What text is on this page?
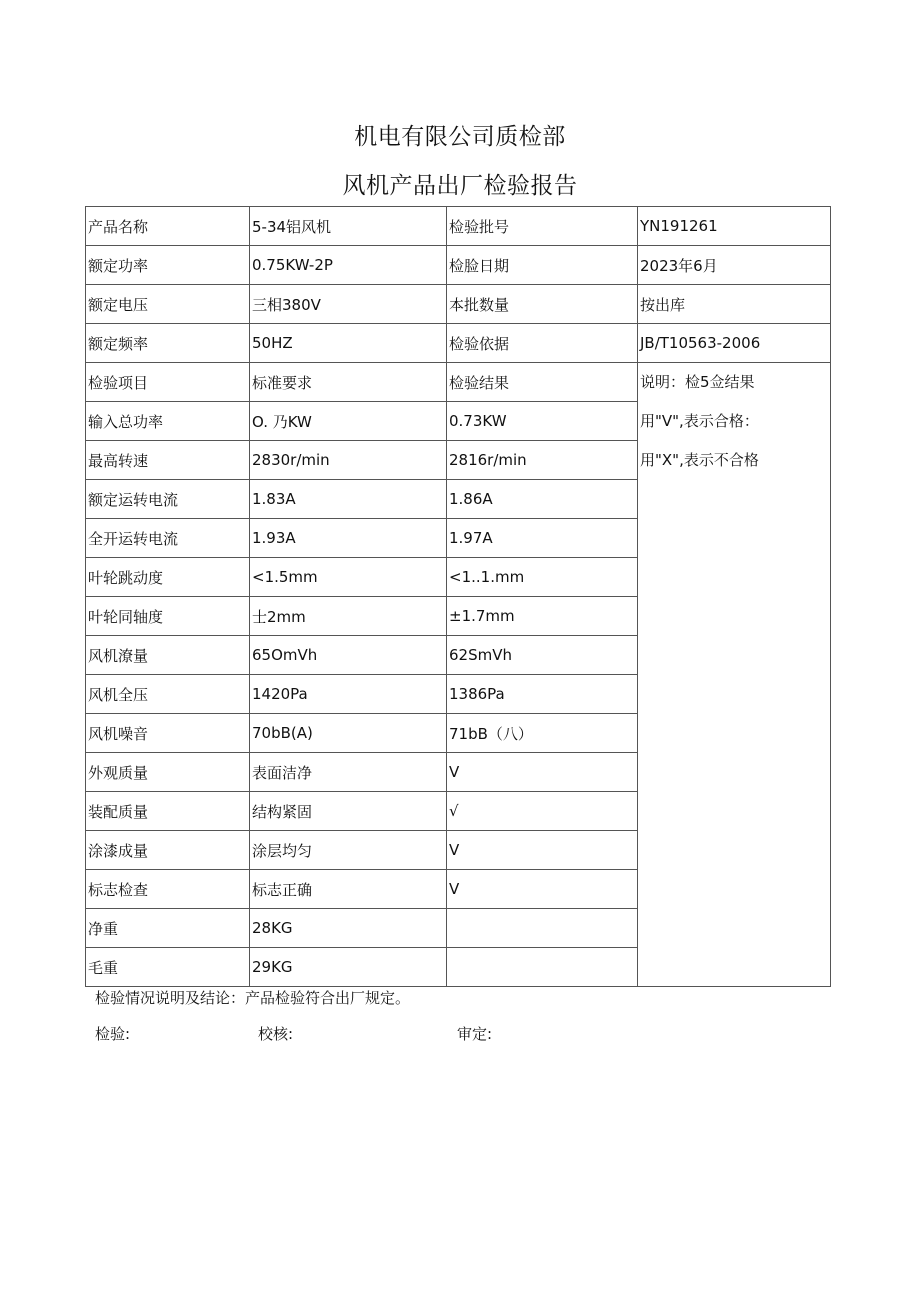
机电有限公司质检部
风机产品出厂检验报告
产品名称	5-34铝风机	检验批号	YN191261
额定功率	0.75KW-2P	检脸日期	2023年6月
额定电压	三相380V	本批数量	按出库
额定频率	50HZ	检验依据	JB/T10563-2006
检验项目	标准要求	检验结果	说明：检5佥结果
用"V",表示合格：
用"X",表示不合格

输入总功率	O. 乃KW	0.73KW	
最高转速	2830r/min	2816r/min	
额定运转电流	1.83A	1.86A	
全开运转电流	1.93A	1.97A	
叶轮跳动度	<1.5mm	<1..1.mm	
叶轮同轴度	士2mm	±1.7mm	
风机潦量	65OmVh	62SmVh	
风机全压	1420Pa	1386Pa	
风机噪音	70bB(A)	71bB（八）	
外观质量	表面洁净	V	
装配质量	结构紧固	√	
涂漆成量	涂层均匀	V	
标志检查	标志正确	V	
净重	28KG		
毛重	29KG		

检验情况说明及结论：产品检验符合出厂规定。

检验:	校核:	审定:
